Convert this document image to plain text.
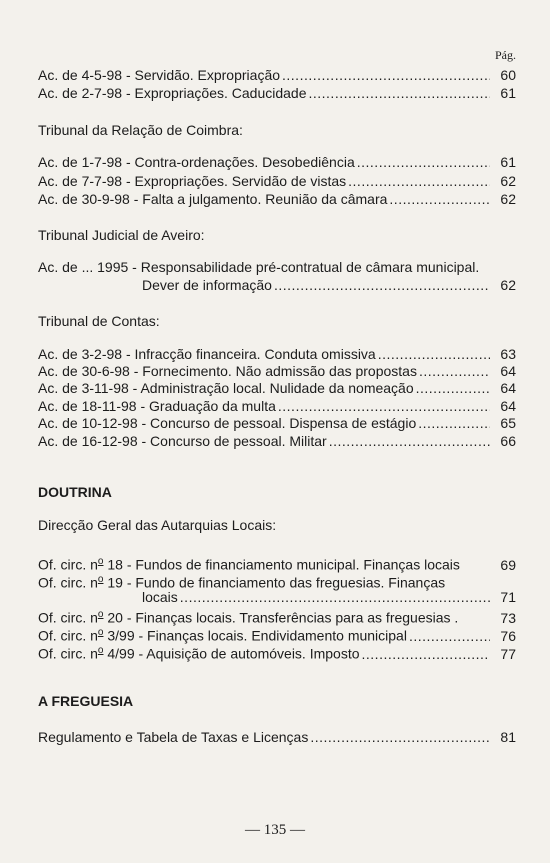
Pág.
Ac. de 4-5-98 - Servidão. Expropriação .....	60
Ac. de 2-7-98 - Expropriações. Caducidade .....	61
Tribunal da Relação de Coimbra:
Ac. de 1-7-98 - Contra-ordenações. Desobediência .....	61
Ac. de 7-7-98 - Expropriações. Servidão de vistas .....	62
Ac. de 30-9-98 - Falta a julgamento. Reunião da câmara .....	62
Tribunal Judicial de Aveiro:
Ac. de ... 1995 - Responsabilidade pré-contratual de câmara municipal.
Dever de informação .....	62
Tribunal de Contas:
Ac. de 3-2-98 - Infracção financeira. Conduta omissiva .....	63
Ac. de 30-6-98 - Fornecimento. Não admissão das propostas .....	64
Ac. de 3-11-98 - Administração local. Nulidade da nomeação .....	64
Ac. de 18-11-98 - Graduação da multa .....	64
Ac. de 10-12-98 - Concurso de pessoal. Dispensa de estágio .....	65
Ac. de 16-12-98 - Concurso de pessoal. Militar .....	66
DOUTRINA
Direcção Geral das Autarquias Locais:
Of. circ. $n^o$ 18 - Fundos de financiamento municipal. Finanças locais	69
Of. circ. $n^o$ 19 - Fundo de financiamento das freguesias. Finanças
locais .....	71
Of. circ. $n^o$ 20 - Finanças locais. Transferências para as freguesias .	73
Of. circ. $n^o$ 3/99 - Finanças locais. Endividamento municipal .....	76
Of. circ. $n^o$ 4/99 - Aquisição de automóveis. Imposto .....	77
A FREGUESIA
Regulamento e Tabela de Taxas e Licenças .....	81
— 135 —
